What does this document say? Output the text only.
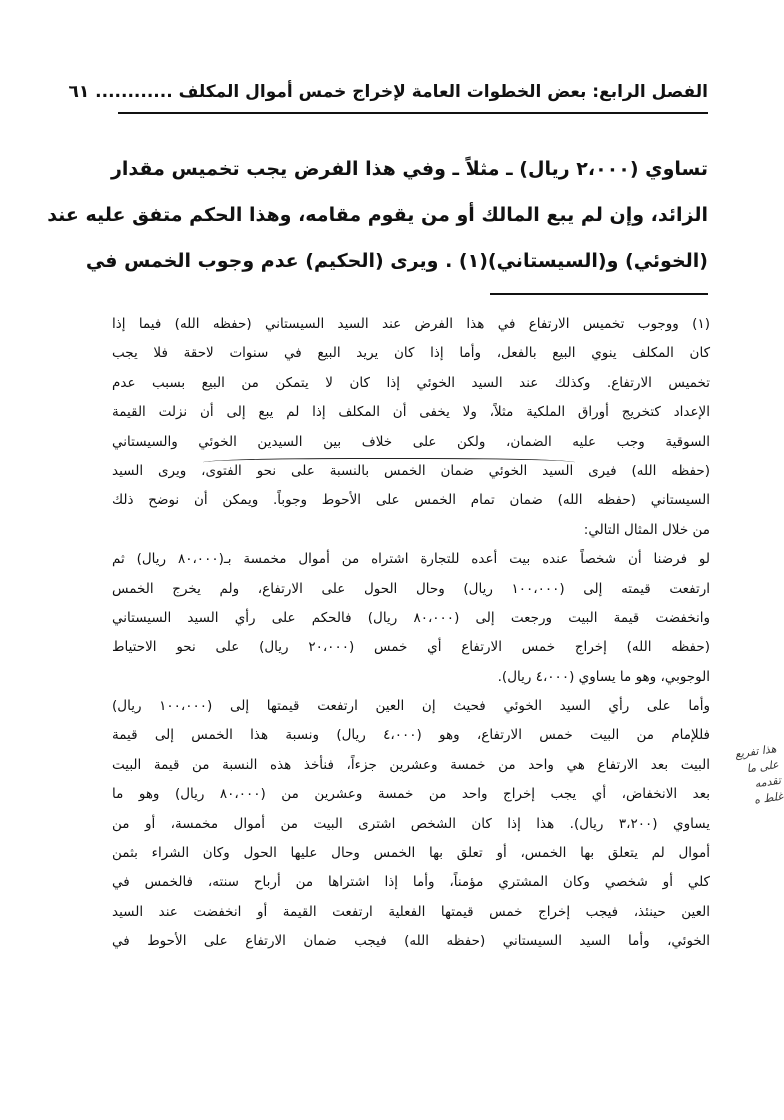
الفصل الرابع: بعض الخطوات العامة لإخراج خمس أموال المكلف ............ ٦١
تساوي (٢،٠٠٠ ريال) ـ مثلاً ـ وفي هذا الفرض يجب تخميس مقدار
الزائد، وإن لم يبع المالك أو من يقوم مقامه، وهذا الحكم متفق عليه عند
(الخوئي) و(السيستاني)(١) . ويرى (الحكيم) عدم وجوب الخمس في
(١) ووجوب تخميس الارتفاع في هذا الفرض عند السيد السيستاني (حفظه الله) فيما إذا
كان المكلف ينوي البيع بالفعل، وأما إذا كان يريد البيع في سنوات لاحقة فلا يجب
تخميس الارتفاع. وكذلك عند السيد الخوئي إذا كان لا يتمكن من البيع بسبب عدم
الإعداد كتخريج أوراق الملكية مثلاً، ولا يخفى أن المكلف إذا لم يبع إلى أن نزلت القيمة
السوقية وجب عليه الضمان، ولكن على خلاف بين السيدين الخوئي والسيستاني
(حفظه الله) فيرى السيد الخوئي ضمان الخمس بالنسبة على نحو الفتوى، ويرى السيد
السيستاني (حفظه الله) ضمان تمام الخمس على الأحوط وجوباً. ويمكن أن نوضح ذلك
من خلال المثال التالي:
لو فرضنا أن شخصاً عنده بيت أعده للتجارة اشتراه من أموال مخمسة بـ(٨٠،٠٠٠ ريال) ثم
ارتفعت قيمته إلى (١٠٠،٠٠٠ ريال) وحال الحول على الارتفاع، ولم يخرج الخمس
وانخفضت قيمة البيت ورجعت إلى (٨٠،٠٠٠ ريال) فالحكم على رأي السيد السيستاني
(حفظه الله) إخراج خمس الارتفاع أي خمس (٢٠،٠٠٠ ريال) على نحو الاحتياط
الوجوبي، وهو ما يساوي (٤،٠٠٠ ريال).
وأما على رأي السيد الخوئي فحيث إن العين ارتفعت قيمتها إلى (١٠٠،٠٠٠ ريال)
فللإمام من البيت خمس الارتفاع، وهو (٤،٠٠٠ ريال) ونسبة هذا الخمس إلى قيمة
البيت بعد الارتفاع هي واحد من خمسة وعشرين جزءاً، فنأخذ هذه النسبة من قيمة البيت
بعد الانخفاض، أي يجب إخراج واحد من خمسة وعشرين من (٨٠،٠٠٠ ريال) وهو ما
يساوي (٣،٢٠٠ ريال). هذا إذا كان الشخص اشترى البيت من أموال مخمسة، أو من
أموال لم يتعلق بها الخمس، أو تعلق بها الخمس وحال عليها الحول وكان الشراء بثمن
كلي أو شخصي وكان المشتري مؤمناً، وأما إذا اشتراها من أرباح سنته، فالخمس في
العين حينئذ، فيجب إخراج خمس قيمتها الفعلية ارتفعت القيمة أو انخفضت عند السيد
الخوئي، وأما السيد السيستاني (حفظه الله) فيجب ضمان الارتفاع على الأحوط في
هذا تفريع
على ما تقدمه
غلط ه
